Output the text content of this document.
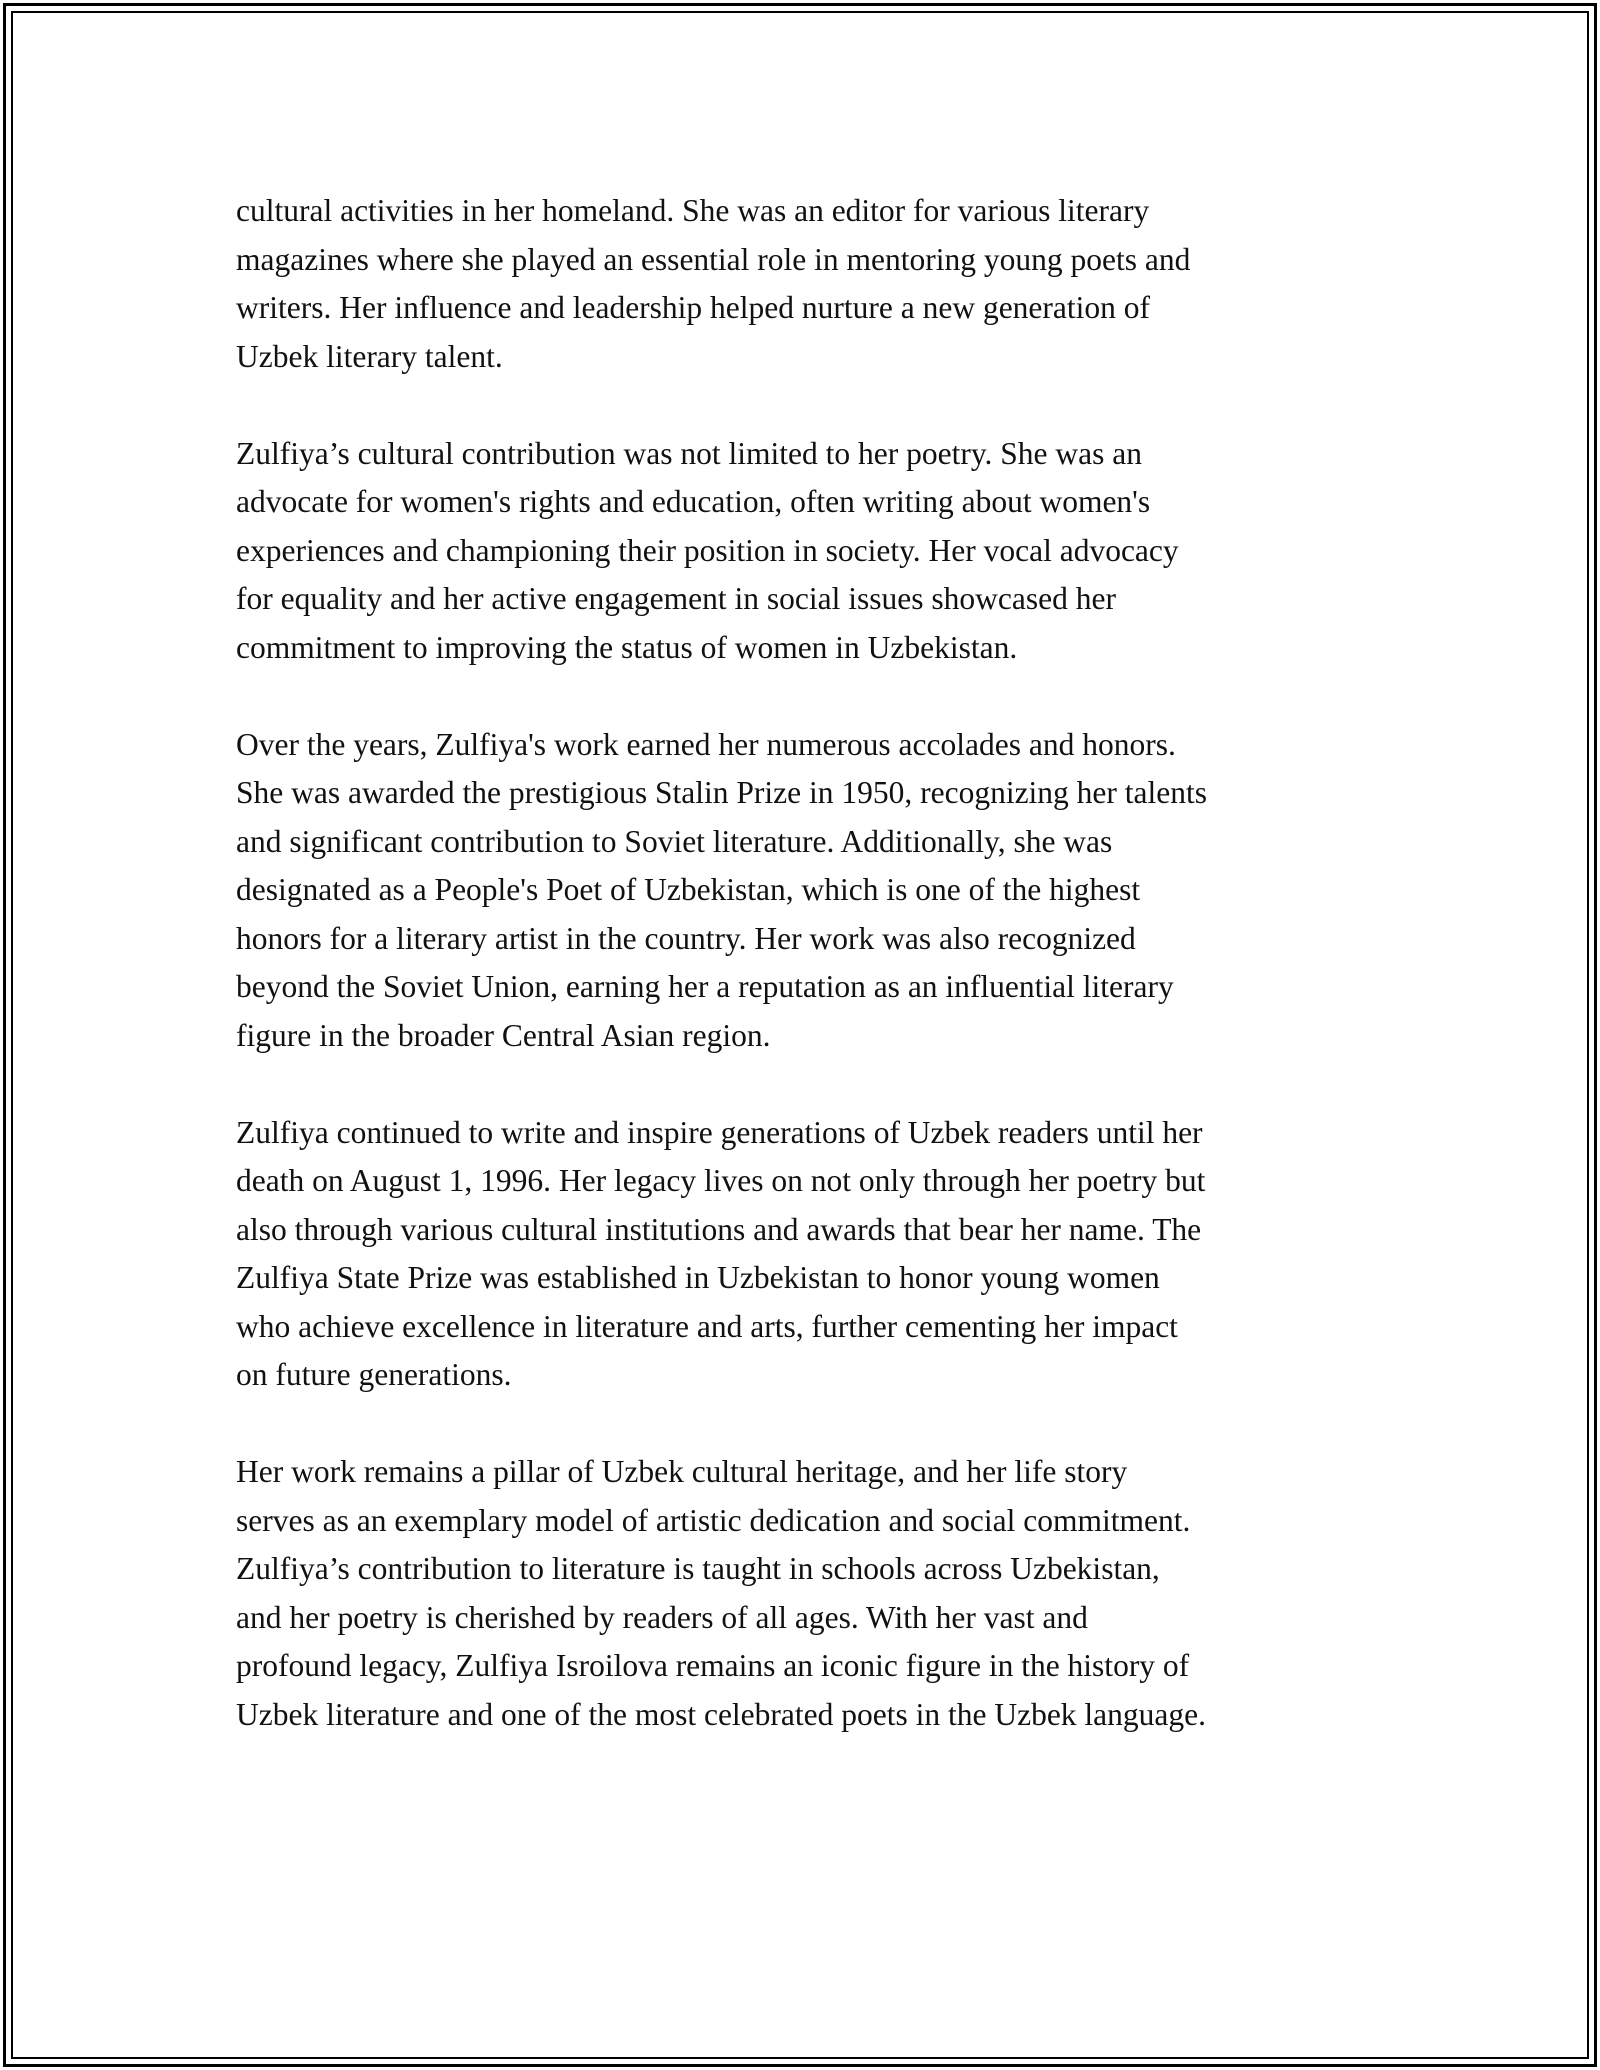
cultural activities in her homeland. She was an editor for various literary
magazines where she played an essential role in mentoring young poets and
writers. Her influence and leadership helped nurture a new generation of
Uzbek literary talent.

Zulfiya’s cultural contribution was not limited to her poetry. She was an
advocate for women's rights and education, often writing about women's
experiences and championing their position in society. Her vocal advocacy
for equality and her active engagement in social issues showcased her
commitment to improving the status of women in Uzbekistan.

Over the years, Zulfiya's work earned her numerous accolades and honors.
She was awarded the prestigious Stalin Prize in 1950, recognizing her talents
and significant contribution to Soviet literature. Additionally, she was
designated as a People's Poet of Uzbekistan, which is one of the highest
honors for a literary artist in the country. Her work was also recognized
beyond the Soviet Union, earning her a reputation as an influential literary
figure in the broader Central Asian region.

Zulfiya continued to write and inspire generations of Uzbek readers until her
death on August 1, 1996. Her legacy lives on not only through her poetry but
also through various cultural institutions and awards that bear her name. The
Zulfiya State Prize was established in Uzbekistan to honor young women
who achieve excellence in literature and arts, further cementing her impact
on future generations.

Her work remains a pillar of Uzbek cultural heritage, and her life story
serves as an exemplary model of artistic dedication and social commitment.
Zulfiya’s contribution to literature is taught in schools across Uzbekistan,
and her poetry is cherished by readers of all ages. With her vast and
profound legacy, Zulfiya Isroilova remains an iconic figure in the history of
Uzbek literature and one of the most celebrated poets in the Uzbek language.
